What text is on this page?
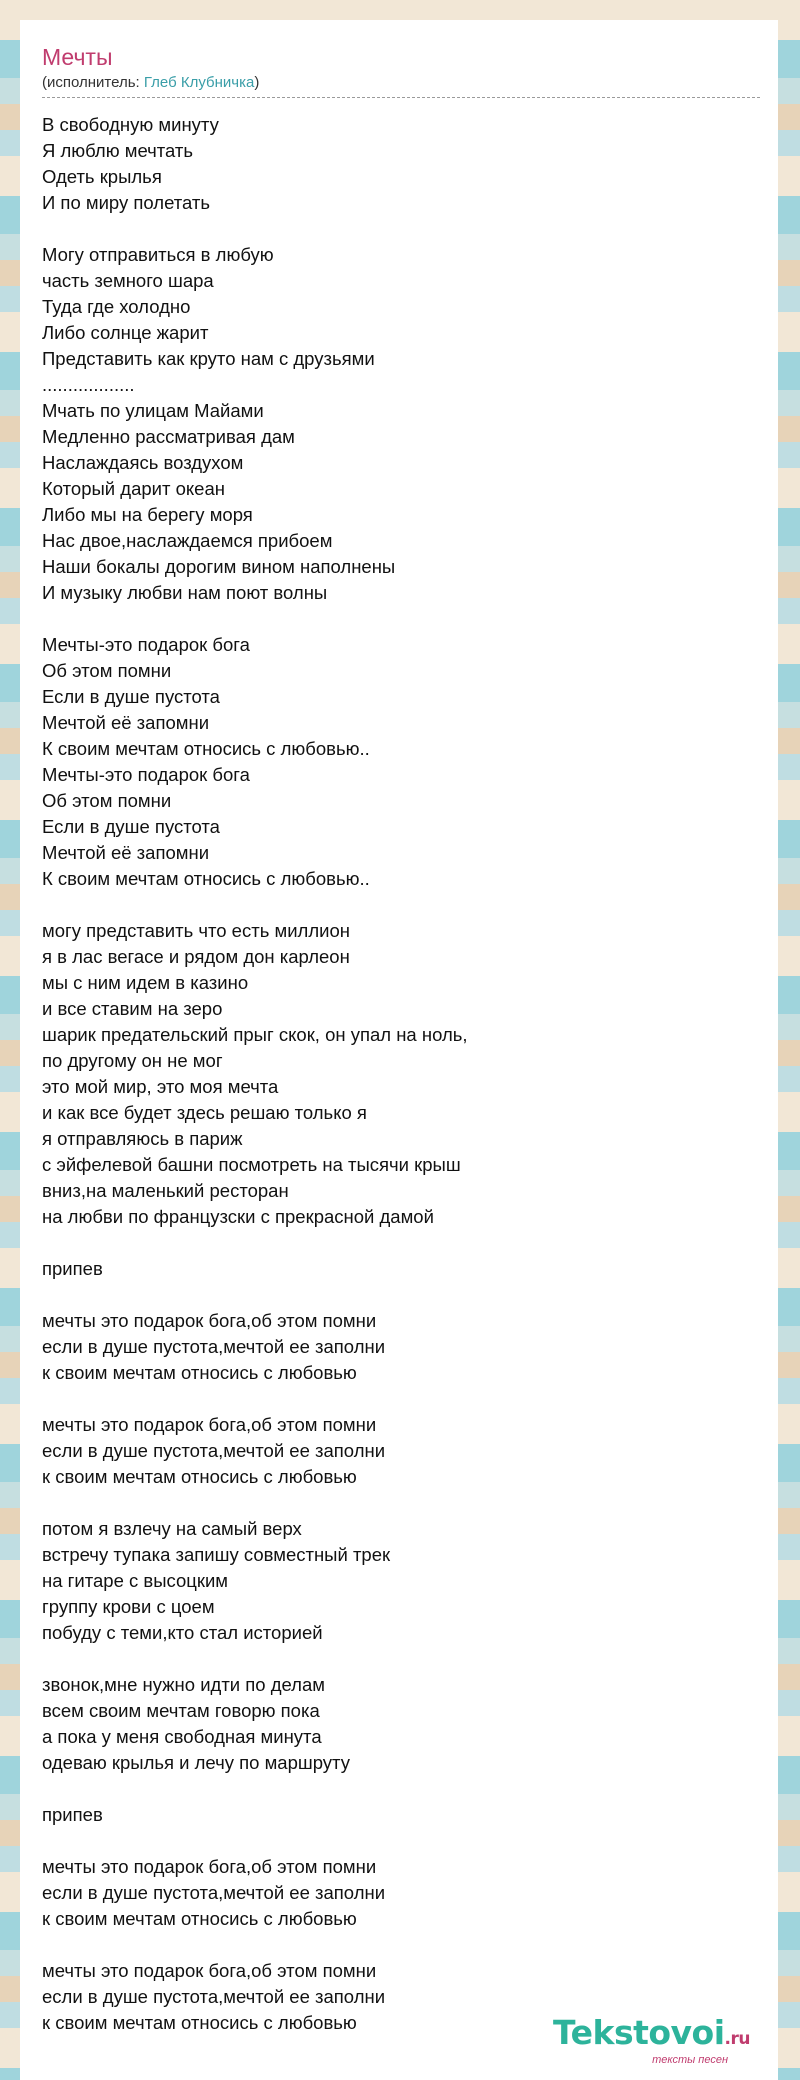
Мечты
(исполнитель: Глеб Клубничка)
В свободную минуту
Я люблю мечтать
Одеть крылья
И по миру полетать

Могу отправиться в любую
часть земного шара
Туда где холодно
Либо солнце жарит
Представить как круто нам с друзьями
..................
Мчать по улицам Майами
Медленно рассматривая дам
Наслаждаясь воздухом
Который дарит океан
Либо мы на берегу моря
Нас двое,наслаждаемся прибоем
Наши бокалы дорогим вином наполнены
И музыку любви нам поют волны

Мечты-это подарок бога
Об этом помни
Если в душе пустота
Мечтой её запомни
К своим мечтам относись с любовью..
Мечты-это подарок бога
Об этом помни
Если в душе пустота
Мечтой её запомни
К своим мечтам относись с любовью..

могу представить что есть миллион
я в лас вегасе и рядом дон карлеон
мы с ним идем в казино
и все ставим на зеро
шарик предательский прыг скок, он упал на ноль,
по другому он не мог
это мой мир, это моя мечта
и как все будет здесь решаю только я
я отправляюсь в париж
с эйфелевой башни посмотреть на тысячи крыш
вниз,на маленький ресторан
на любви по французски с прекрасной дамой

припев

мечты это подарок бога,об этом помни
если в душе пустота,мечтой ее заполни
к своим мечтам относись с любовью

мечты это подарок бога,об этом помни
если в душе пустота,мечтой ее заполни
к своим мечтам относись с любовью

потом я взлечу на самый верх
встречу тупака запишу совместный трек
на гитаре с высоцким
группу крови с цоем
побуду с теми,кто стал историей

звонок,мне нужно идти по делам
всем своим мечтам говорю пока
а пока у меня свободная минута
одеваю крылья и лечу по маршруту

припев

мечты это подарок бога,об этом помни
если в душе пустота,мечтой ее заполни
к своим мечтам относись с любовью

мечты это подарок бога,об этом помни
если в душе пустота,мечтой ее заполни
к своим мечтам относись с любовью	Tekstovoi.ru
тексты песен
